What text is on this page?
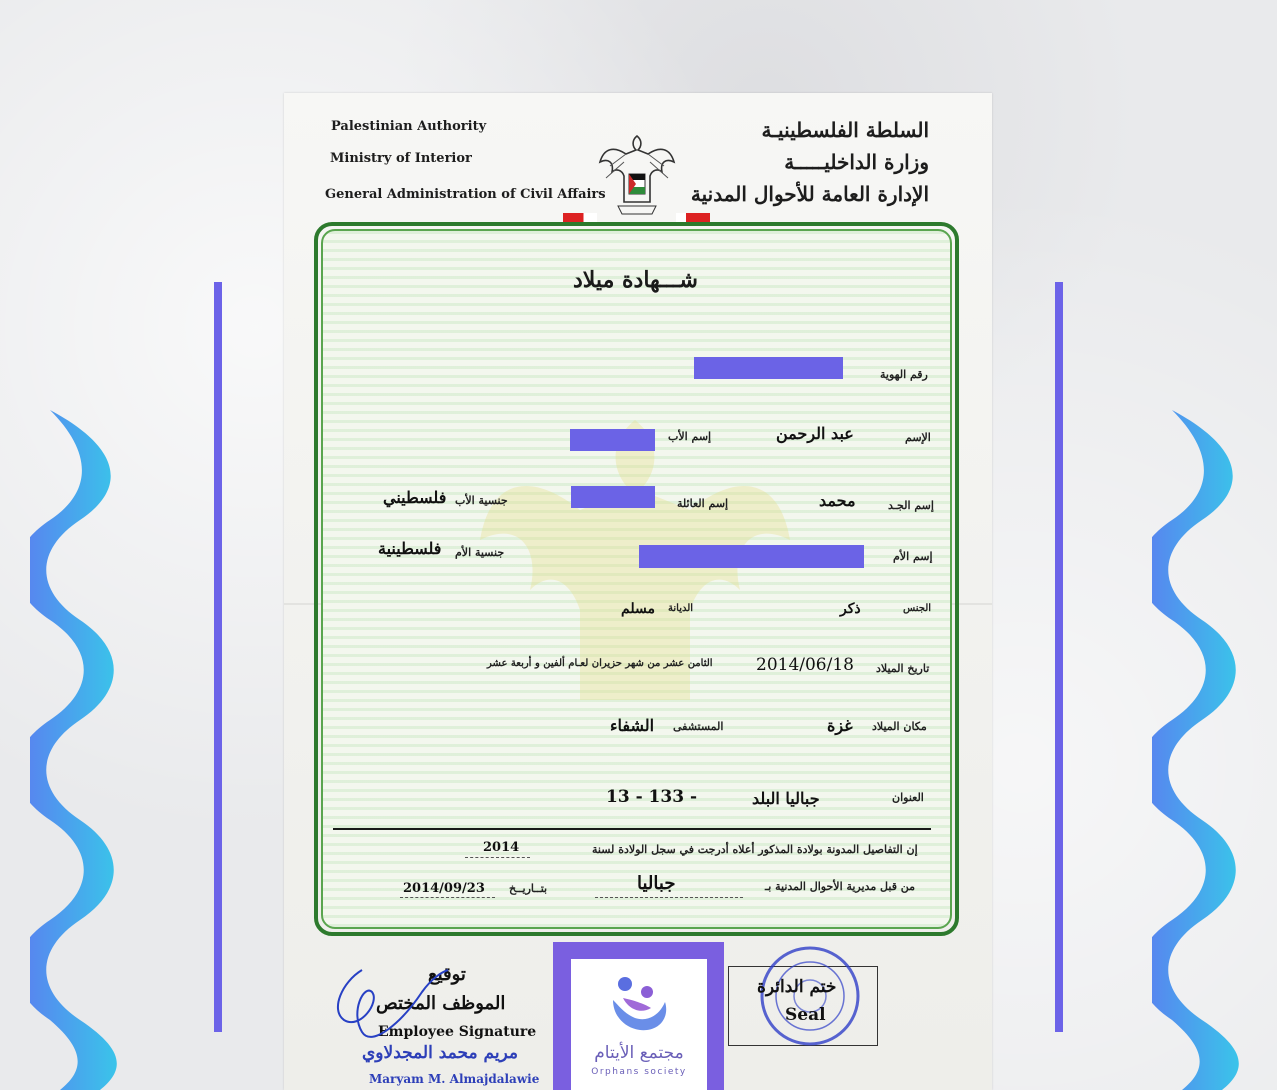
Palestinian Authority
Ministry of Interior
General Administration of Civil Affairs
السلطة الفلسطينيـة
وزارة الداخليـــــة
الإدارة العامة للأحوال المدنية
شـــهادة ميلاد
رقم الهوية
الإسم
عبد الرحمن
إسم الأب
إسم الجـد
محمد
إسم العائلة
جنسية الأب
فلسطيني
إسم الأم
جنسية الأم
فلسطينية
الجنس
ذكر
الديانة
مسلم
تاريخ الميلاد
2014/06/18
الثامن عشر من شهر حزيران لعـام ألفين و أربعة عشر
مكان الميلاد
غزة
المستشفى
الشفاء
العنوان
جباليا البلد
13 - 133 -
إن التفاصيل المدونة بولادة المذكور أعلاه أدرجت في سجل الولادة لسنة
2014
من قبل مديرية الأحوال المدنية بـ
جباليا
بتــاريــخ
2014/09/23
توقيع
الموظف المختص
Employee Signature
مريم محمد المجدلاوي
Maryam M. Almajdalawie
مجتمع الأيتام
Orphans society
ختم الدائرة
Seal
